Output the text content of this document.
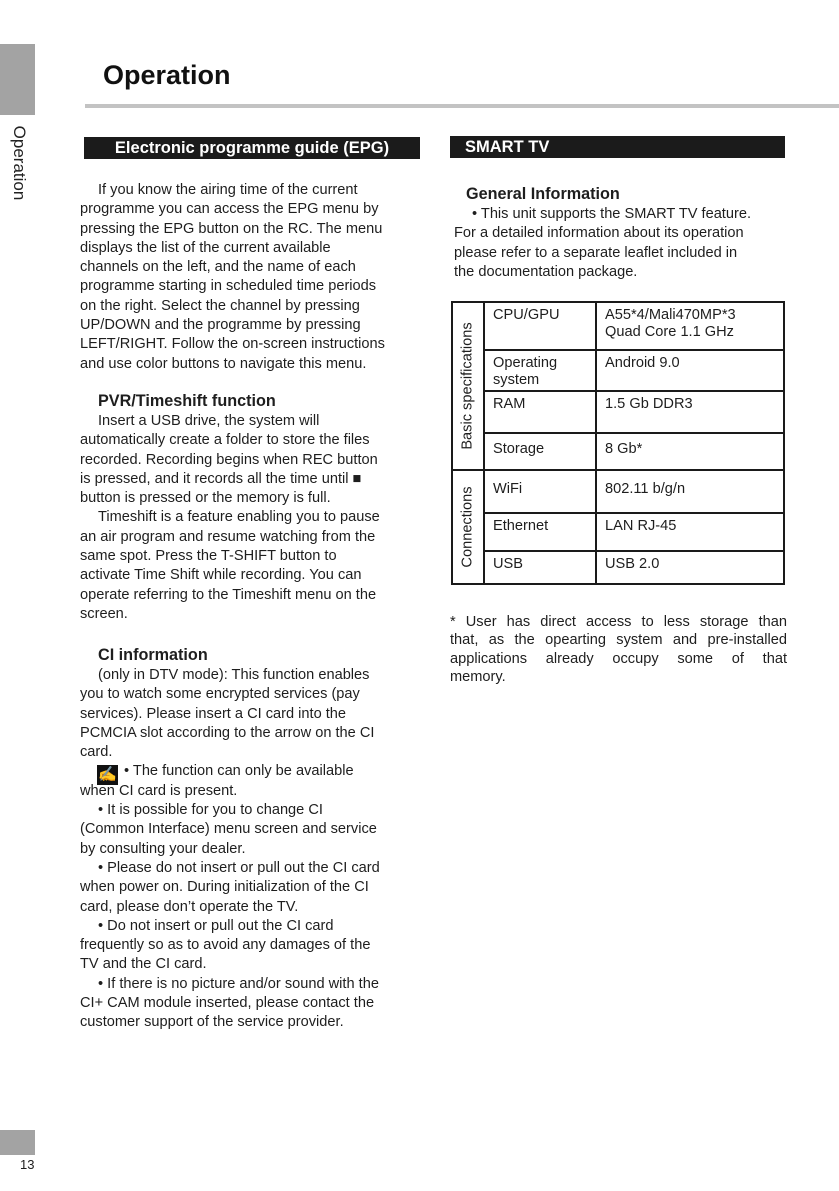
Operation
13
Operation
Electronic programme guide (EPG)
If you know the airing time of the current
programme you can access the EPG menu by
pressing the EPG button on the RC. The menu
displays the list of the current available
channels on the left, and the name of each
programme starting in scheduled time periods
on the right. Select the channel by pressing
UP/DOWN and the programme by pressing
LEFT/RIGHT. Follow the on-screen instructions
and use color buttons to navigate this menu.
PVR/Timeshift function
Insert a USB drive, the system will
automatically create a folder to store the files
recorded. Recording begins when REC button
is pressed, and it records all the time until ■
button is pressed or the memory is full.
Timeshift is a feature enabling you to pause
an air program and resume watching from the
same spot. Press the T-SHIFT button to
activate Time Shift while recording. You can
operate referring to the Timeshift menu on the
screen.
CI information
(only in DTV mode): This function enables
you to watch some encrypted services (pay
services). Please insert a CI card into the
PCMCIA slot according to the arrow on the CI
card.
✍ • The function can only be available
when CI card is present.
• It is possible for you to change CI
(Common Interface) menu screen and service
by consulting your dealer.
• Please do not insert or pull out the CI card
when power on. During initialization of the CI
card, please don’t operate the TV.
• Do not insert or pull out the CI card
frequently so as to avoid any damages of the
TV and the CI card.
• If there is no picture and/or sound with the
CI+ CAM module inserted, please contact the
customer support of the service provider.
SMART TV
General Information
• This unit supports the SMART TV feature.
For a detailed information about its operation
please refer to a separate leaflet included in
the documentation package.
Basic specifications	CPU/GPU	A55*4/Mali470MP*3
Quad Core 1.1 GHz

	Operating
system	Android 9.0
	RAM	1.5 Gb DDR3
	Storage	8 Gb*

Connections	WiFi	802.11 b/g/n
	Ethernet	LAN RJ-45
	USB	USB 2.0
* User has direct access to less storage than
that, as the opearting system and pre-installed
applications already occupy some of that
memory.
